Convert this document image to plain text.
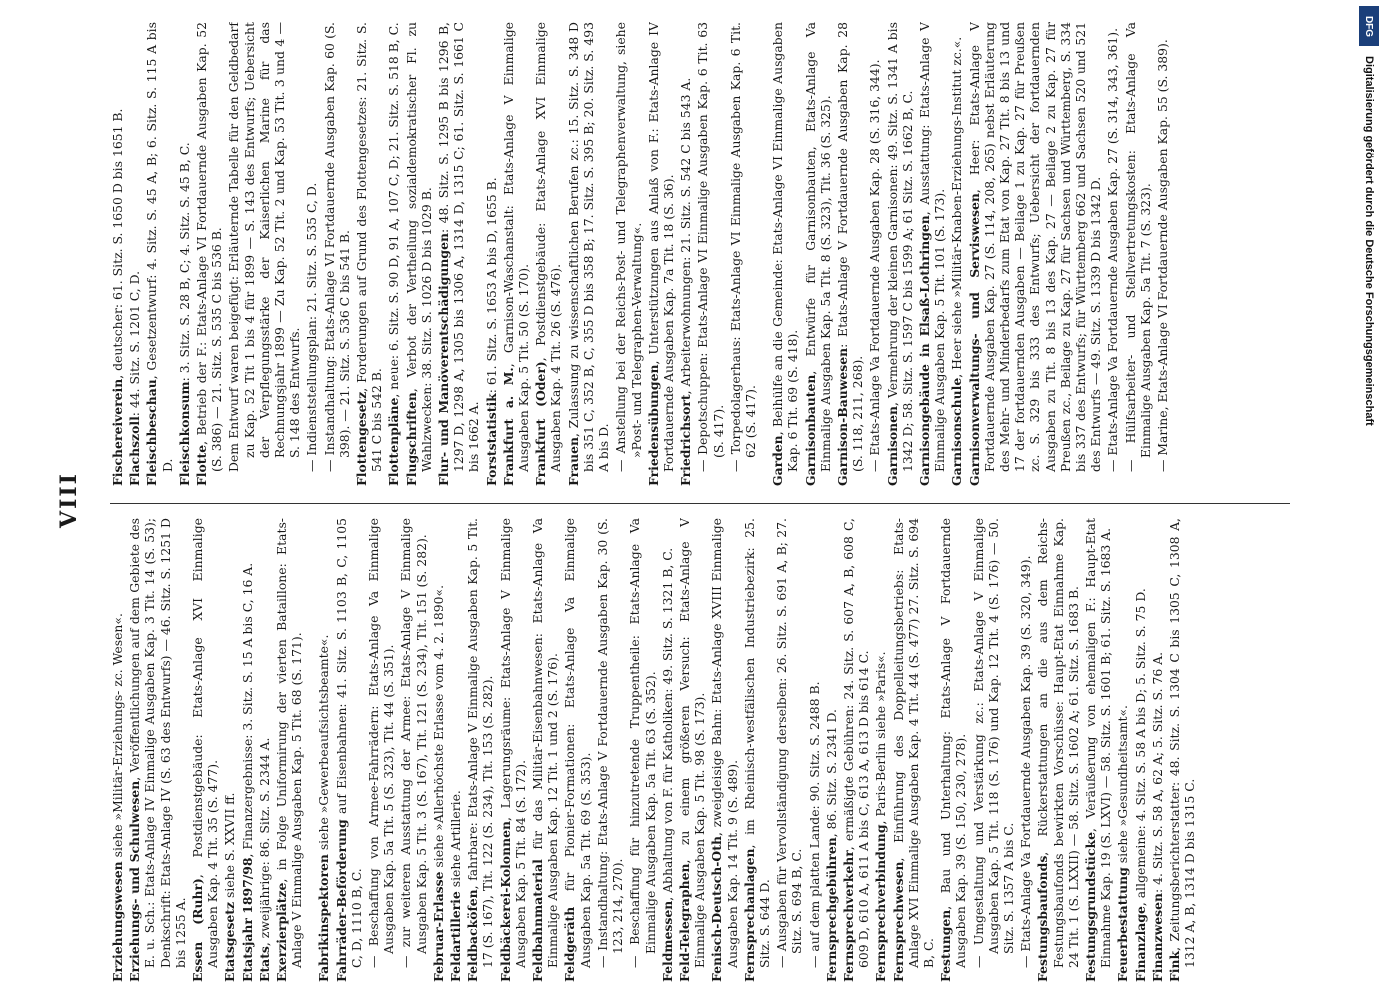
VIII

Erziehungswesen siehe »Militär-Erziehungs- zc. Wesen«.

Erziehungs- und Schulwesen, Veröffentlichungen auf dem Gebiete des E. u. Sch.: Etats-Anlage IV Einmalige Ausgaben Kap. 3 Tit. 14 (S. 53); Denkschrift: Etats-Anlage IV (S. 63 des Entwurfs) — 46. Sitz. S. 1251 D bis 1255 A. Essen (Ruhr), Postdienstgebäude: Etats-Anlage XVI Einmalige Ausgaben Kap. 4 Tit. 35 (S. 477). Etatsgesetz siehe S. XXVII ff.

Etatsjahr 1897/98, Finanzergebnisse: 3. Sitz. S. 15 A bis C, 16 A.

Etats, zweijährige: 86. Sitz. S. 2344 A. Exerzierplätze, in Folge Uniformirung der vierten Bataillone: Etats-Anlage V Einmalige Ausgaben Kap. 5 Tit. 68 (S. 171). Fabrikinspektoren siehe »Gewerbeaufsichtsbeamte«.

Fahrräder-Beförderung auf Eisenbahnen: 41. Sitz. S. 1103 B, C, 1105 C, D, 1110 B, C. — Beschaffung von Armee-Fahrrädern: Etats-Anlage Va Einmalige Ausgaben Kap. 5a Tit. 5 (S. 323), Tit. 44 (S. 351). — zur weiteren Ausstattung der Armee: Etats-Anlage V Einmalige Ausgaben Kap. 5 Tit. 3 (S. 167), Tit. 121 (S. 234), Tit. 151 (S. 282). Februar-Erlasse siehe »Allerhöchste Erlasse vom 4. 2. 1890«.

Feldartillerie siehe Artillerie.

Feldbacköfen, fahrbare: Etats-Anlage V Einmalige Ausgaben Kap. 5 Tit. 17 (S. 167), Tit. 122 (S. 234), Tit. 153 (S. 282). Feldbäckerei-Kolonnen, Lagerungsräume: Etats-Anlage V Einmalige Ausgaben Kap. 5 Tit. 84 (S. 172). Feldbahnmaterial für das Militär-Eisenbahnwesen: Etats-Anlage Va Einmalige Ausgaben Kap. 12 Tit. 1 und 2 (S. 176). Feldgeräth für Pionier-Formationen: Etats-Anlage Va Einmalige Ausgaben Kap. 5a Tit. 69 (S. 353). — Instandhaltung: Etats-Anlage V Fortdauernde Ausgaben Kap. 30 (S. 123, 214, 270). — Beschaffung für hinzutretende Truppentheile: Etats-Anlage Va Einmalige Ausgaben Kap. 5a Tit. 63 (S. 352). Feldmessen, Abhaltung von F. für Katholiken: 49. Sitz. S. 1321 B, C.

Feld-Telegraphen, zu einem größeren Versuch: Etats-Anlage V Einmalige Ausgaben Kap. 5 Tit. 98 (S. 173). Fenisch-Deutsch-Oth, zweigleisige Bahn: Etats-Anlage XVIII Einmalige Ausgaben Kap. 14 Tit. 9 (S. 489). Fernsprechanlagen, im Rheinisch-westfälischen Industriebezirk: 25. Sitz. S. 644 D. — Ausgaben für Vervollständigung derselben: 26. Sitz. S. 691 A, B; 27. Sitz. S. 694 B, C. — auf dem platten Lande: 90. Sitz. S. 2488 B. Fernsprechgebühren, 86. Sitz. S. 2341 D.

Fernsprechverkehr, ermäßigte Gebühren: 24. Sitz. S. 607 A, B, 608 C, 609 D, 610 A, 611 A bis C, 613 A, 613 D bis 614 C. Fernsprechverbindung, Paris-Berlin siehe »Paris«.

Fernsprechwesen, Einführung des Doppelleitungsbetriebs: Etats-Anlage XVI Einmalige Ausgaben Kap. 4 Tit. 44 (S. 477) 27. Sitz. S. 694 B, C. Festungen, Bau und Unterhaltung: Etats-Anlage V Fortdauernde Ausgaben Kap. 39 (S. 150, 230, 278). — Umgestaltung und Verstärkung zc.: Etats-Anlage V Einmalige Ausgaben Kap. 5 Tit. 118 (S. 176) und Kap. 12 Tit. 4 (S. 176) — 50. Sitz. S. 1357 A bis C. — Etats-Anlage Va Fortdauernde Ausgaben Kap. 39 (S. 320, 349). Festungsbaufonds, Rückerstattungen an die aus dem Reichs-Festungsbaufonds bewirkten Vorschüsse: Haupt-Etat Einnahme Kap. 24 Tit. 1 (S. LXXII) — 58. Sitz. S. 1602 A; 61. Sitz. S. 1683 B. Festungsgrundstücke, Veräußerung von ehemaligen F.: Haupt-Etat Einnahme Kap. 19 (S. LXVI) — 58. Sitz. S. 1601 B; 61. Sitz. S. 1683 A. Feuerbestattung siehe »Gesundheitsamt«.

Finanzlage, allgemeine: 4. Sitz. S. 58 A bis D; 5. Sitz. S. 75 D.

Finanzwesen: 4. Sitz. S. 58 A, 62 A; 5. Sitz. S. 76 A.

Fink, Zeitungsberichterstatter: 48. Sitz. S. 1304 C bis 1305 C, 1308 A, 1312 A, B, 1314 D bis 1315 C.

Fischereiverein, deutscher: 61. Sitz. S. 1650 D bis 1651 B.

Flachszoll: 44. Sitz. S. 1201 C, D.

Fleischbeschau, Gesetzentwurf: 4. Sitz. S. 45 A, B; 6. Sitz. S. 115 A bis D. Fleischkonsum: 3. Sitz. S. 28 B, C; 4. Sitz. S. 45 B, C.

Flotte, Betrieb der F.: Etats-Anlage VI Fortdauernde Ausgaben Kap. 52 (S. 386) — 21. Sitz. S. 535 C bis 536 B. Dem Entwurf waren beigefügt: Erläuternde Tabelle für den Geldbedarf zu Kap. 52 Tit 1 bis 4 für 1899 — S. 143 des Entwurfs; Uebersicht der Verpflegungsstärke der Kaiserlichen Marine für das Rechnungsjahr 1899 — Zu Kap. 52 Tit. 2 und Kap. 53 Tit. 3 und 4 — S. 148 des Entwurfs. — Indienststellungsplan: 21. Sitz. S. 535 C, D. — Instandhaltung: Etats-Anlage VI Fortdauernde Ausgaben Kap. 60 (S. 398). — 21. Sitz. S. 536 C bis 541 B. Flottengesetz, Forderungen auf Grund des Flottengesetzes: 21. Sitz. S. 541 C bis 542 B. Flottenpläne, neue: 6. Sitz. S. 90 D, 91 A, 107 C, D; 21. Sitz. S. 518 B, C.

Flugschriften, Verbot der Vertheilung sozialdemokratischer Fl. zu Wahlzwecken: 38. Sitz. S. 1026 D bis 1029 B. Flur- und Manöverentschädigungen: 48. Sitz. S. 1295 B bis 1296 B, 1297 D, 1298 A, 1305 bis 1306 A, 1314 D, 1315 C; 61. Sitz. S. 1661 C bis 1662 A. Forststatistik: 61. Sitz. S. 1653 A bis D, 1655 B.

Frankfurt a. M., Garnison-Waschanstalt: Etats-Anlage V Einmalige Ausgaben Kap. 5 Tit. 50 (S. 170). Frankfurt (Oder), Postdienstgebäude: Etats-Anlage XVI Einmalige Ausgaben Kap. 4 Tit. 26 (S. 476). Frauen, Zulassung zu wissenschaftlichen Berufen zc.: 15. Sitz. S. 348 D bis 351 C, 352 B, C, 355 D bis 358 B; 17. Sitz. S. 395 B; 20. Sitz. S. 493 A bis D. — Anstellung bei der Reichs-Post- und Telegraphenverwaltung, siehe »Post- und Telegraphen-Verwaltung«. Friedensübungen, Unterstützungen aus Anlaß von F.: Etats-Anlage IV Fortdauernde Ausgaben Kap. 7a Tit. 18 (S. 36). Friedrichsort, Arbeiterwohnungen: 21. Sitz. S. 542 C bis 543 A. — Depotschuppen: Etats-Anlage VI Einmalige Ausgaben Kap. 6 Tit. 63 (S. 417). — Torpedolagerhaus: Etats-Anlage VI Einmalige Ausgaben Kap. 6 Tit. 62 (S. 417).

Garden, Beihülfe an die Gemeinde: Etats-Anlage VI Einmalige Ausgaben Kap. 6 Tit. 69 (S. 418). Garnisonbauten, Entwürfe für Garnisonbauten, Etats-Anlage Va Einmalige Ausgaben Kap. 5a Tit. 8 (S. 323), Tit. 36 (S. 325). Garnison-Bauwesen: Etats-Anlage V Fortdauernde Ausgaben Kap. 28 (S. 118, 211, 268). — Etats-Anlage Va Fortdauernde Ausgaben Kap. 28 (S. 316, 344). Garnisonen, Vermehrung der kleinen Garnisonen: 49. Sitz. S. 1341 A bis 1342 D; 58. Sitz. S. 1597 C bis 1599 A; 61 Sitz. S. 1662 B, C. Garnisongebäude in Elsaß-Lothringen, Ausstattung: Etats-Anlage V Einmalige Ausgaben Kap. 5 Tit. 101 (S. 173). Garnisonschule, Heer siehe »Militär-Knaben-Erziehungs-Institut zc.«. Garnisonverwaltungs- und Serviswesen, Heer: Etats-Anlage V Fortdauernde Ausgaben Kap. 27 (S. 114, 208, 265) nebst Erläuterung des Mehr- und Minderbedarfs zum Etat von Kap. 27 Tit. 8 bis 13 und 17 der fortdauernden Ausgaben — Beilage 1 zu Kap. 27 für Preußen zc. S. 329 bis 333 des Entwurfs; Uebersicht der fortdauernden Ausgaben zu Tit. 8 bis 13 des Kap. 27 — Beilage 2 zu Kap. 27 für Preußen zc., Beilage zu Kap. 27 für Sachsen und Württemberg, S. 334 bis 337 des Entwurfs; für Württemberg 662 und Sachsen 520 und 521 des Entwurfs — 49. Sitz. S. 1339 D bis 1342 D. — Etats-Anlage Va Fortdauernde Ausgaben Kap. 27 (S. 314, 343, 361). — Hülfsarbeiter- und Stellvertretungskosten: Etats-Anlage Va Einmalige Ausgaben Kap. 5a Tit. 7 (S. 323). — Marine, Etats-Anlage VI Fortdauernde Ausgaben Kap. 55 (S. 389).

DFG
Digitalisierung gefördert durch die Deutsche Forschungsgemeinschaft
